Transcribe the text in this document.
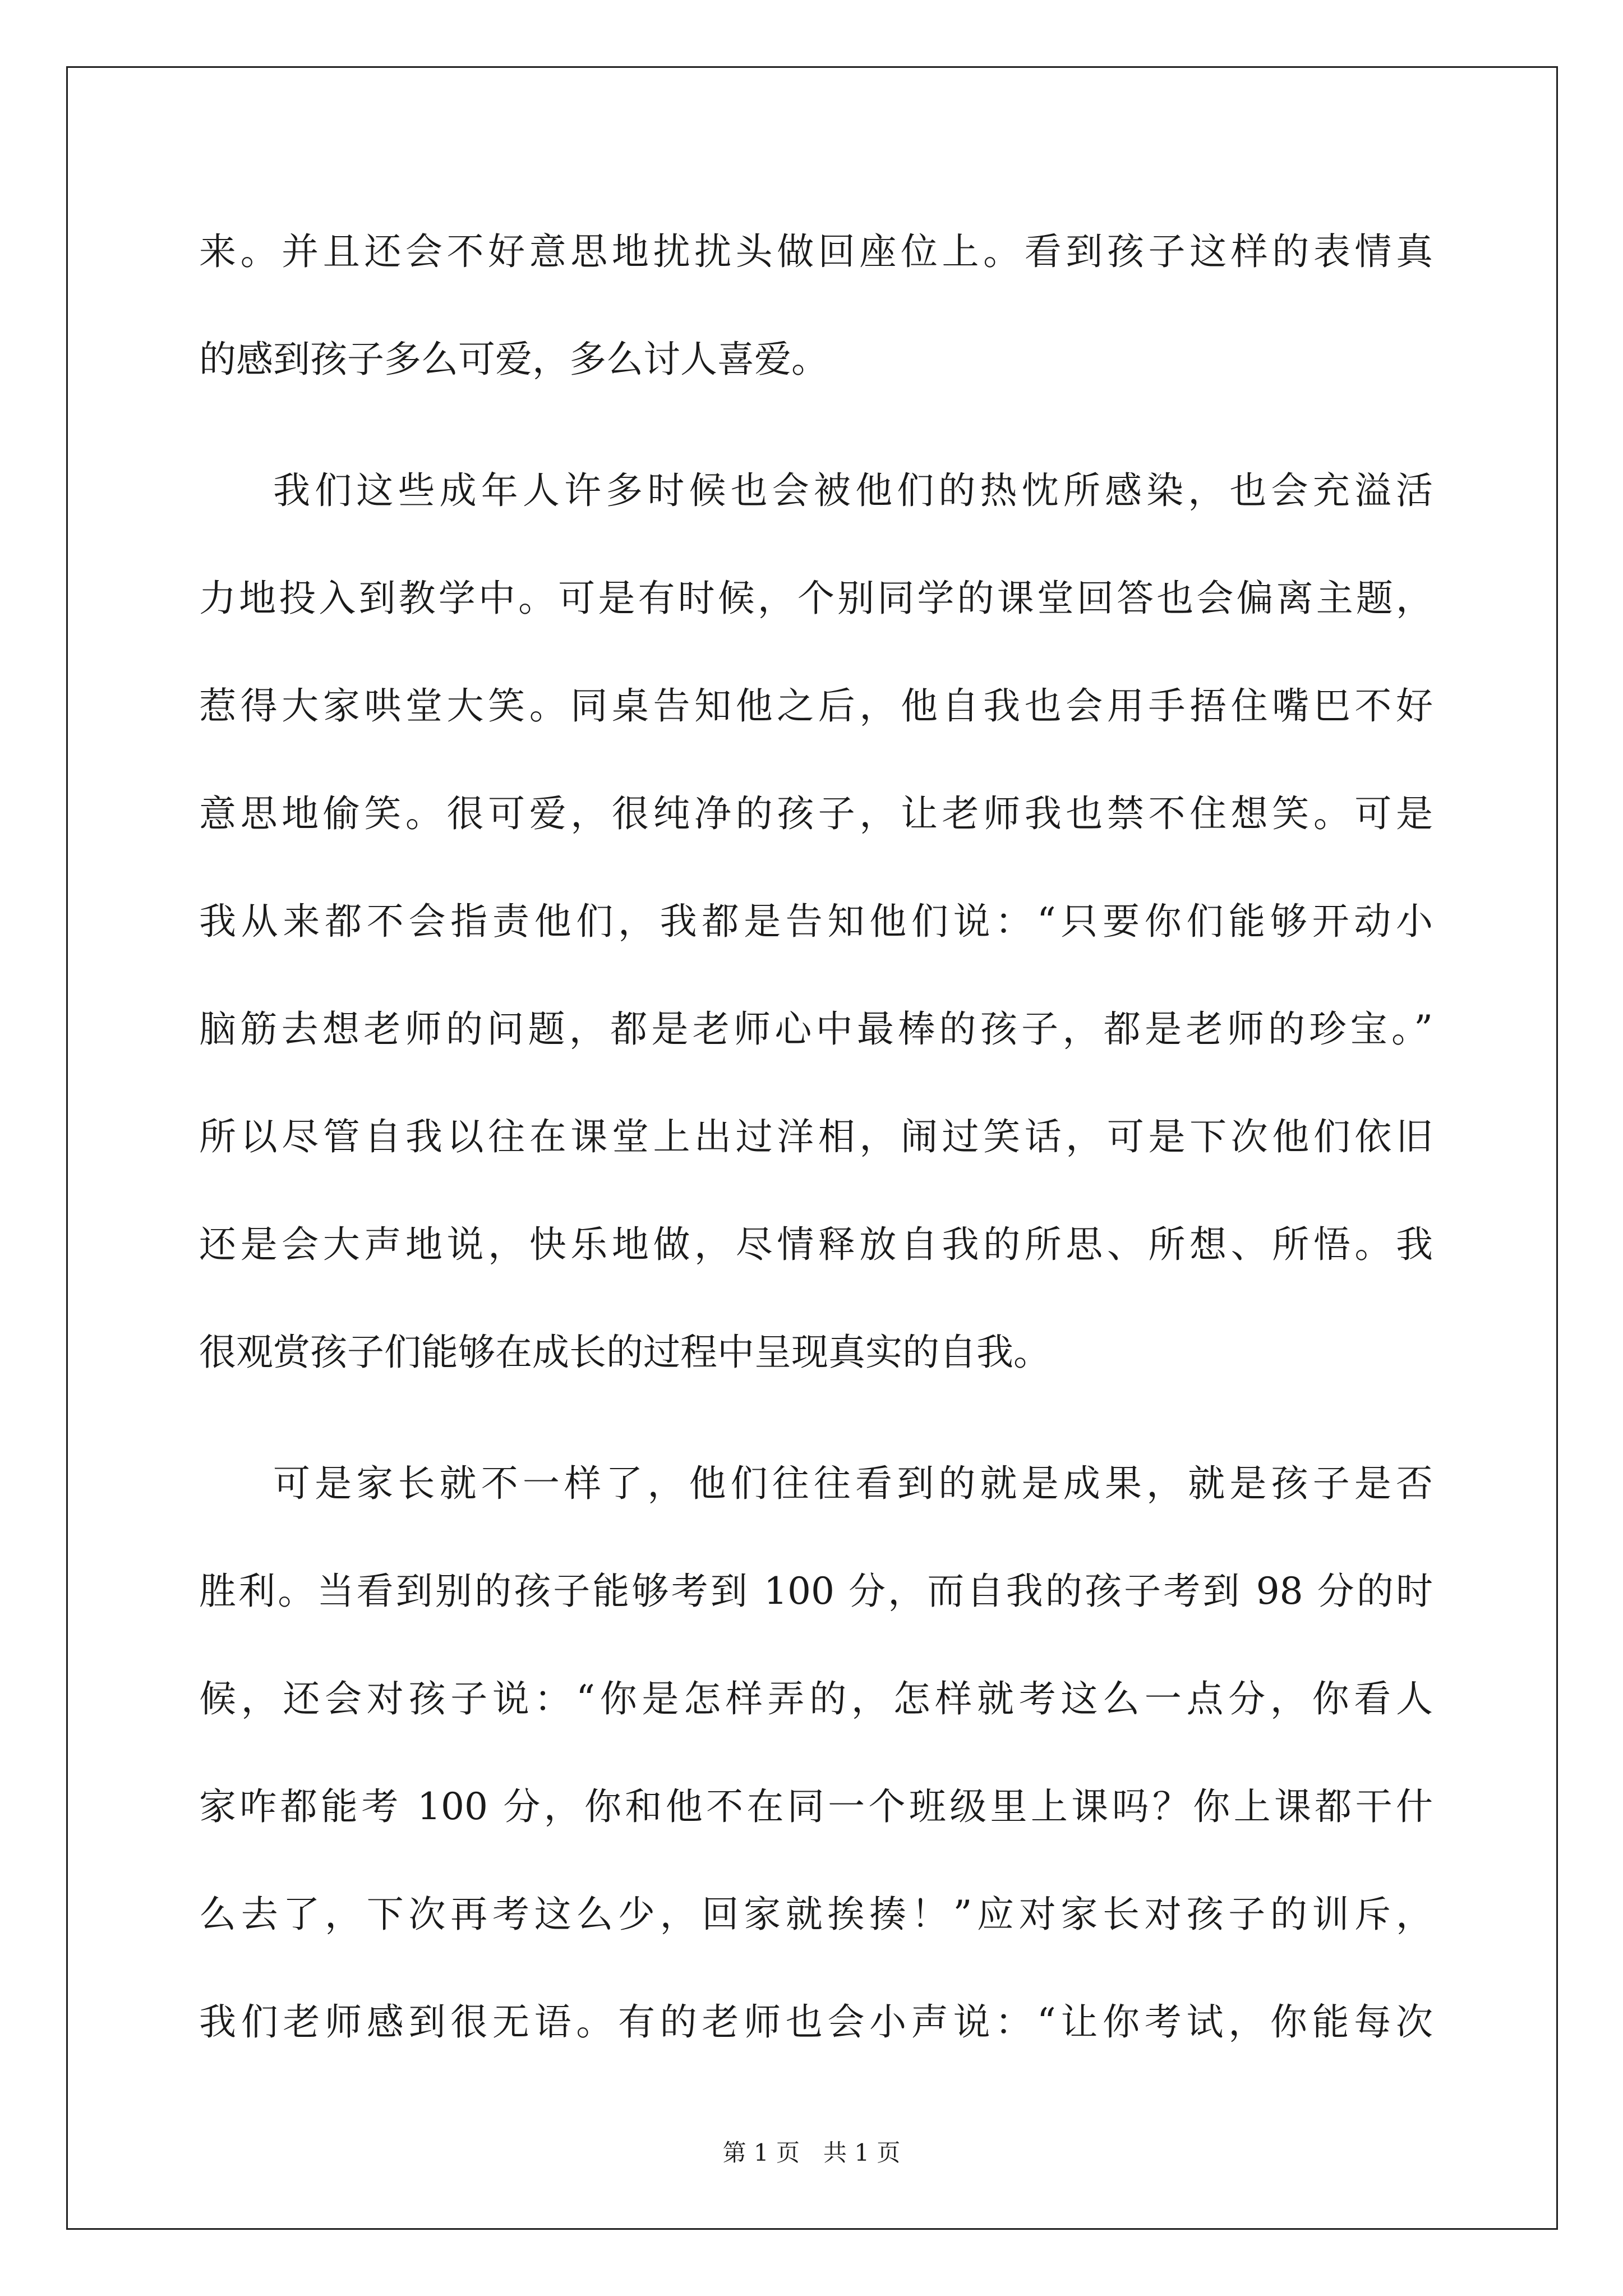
来。并且还会不好意思地扰扰头做回座位上。看到孩子这样的表情真
的感到孩子多么可爱，多么讨人喜爱。
我们这些成年人许多时候也会被他们的热忱所感染，也会充溢活
力地投入到教学中。可是有时候，个别同学的课堂回答也会偏离主题，
惹得大家哄堂大笑。同桌告知他之后，他自我也会用手捂住嘴巴不好
意思地偷笑。很可爱，很纯净的孩子，让老师我也禁不住想笑。可是
我从来都不会指责他们，我都是告知他们说：“只要你们能够开动小
脑筋去想老师的问题，都是老师心中最棒的孩子，都是老师的珍宝。”
所以尽管自我以往在课堂上出过洋相，闹过笑话，可是下次他们依旧
还是会大声地说，快乐地做，尽情释放自我的所思、所想、所悟。我
很观赏孩子们能够在成长的过程中呈现真实的自我。
可是家长就不一样了，他们往往看到的就是成果，就是孩子是否
胜利。当看到别的孩子能够考到 100 分，而自我的孩子考到 98 分的时
候，还会对孩子说：“你是怎样弄的，怎样就考这么一点分，你看人
家咋都能考 100 分，你和他不在同一个班级里上课吗？你上课都干什
么去了，下次再考这么少，回家就挨揍！”应对家长对孩子的训斥，
我们老师感到很无语。有的老师也会小声说：“让你考试，你能每次
第 1 页　共 1 页
